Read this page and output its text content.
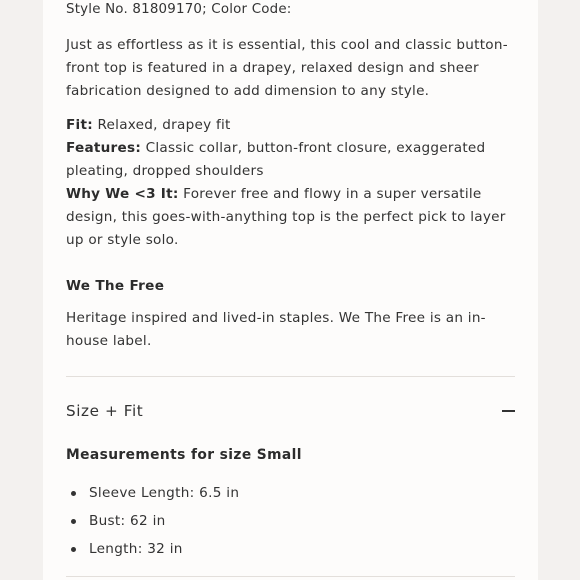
Style No. 81809170; Color Code:

Just as effortless as it is essential, this cool and classic button-front top is featured in a drapey, relaxed design and sheer fabrication designed to add dimension to any style.

Fit: Relaxed, drapey fit

Features: Classic collar, button-front closure, exaggerated pleating, dropped shoulders

Why We <3 It: Forever free and flowy in a super versatile design, this goes-with-anything top is the perfect pick to layer up or style solo.

We The Free

Heritage inspired and lived-in staples. We The Free is an in-house label.

Size + Fit

Measurements for size Small

Sleeve Length: 6.5 in
Bust: 62 in
Length: 32 in
